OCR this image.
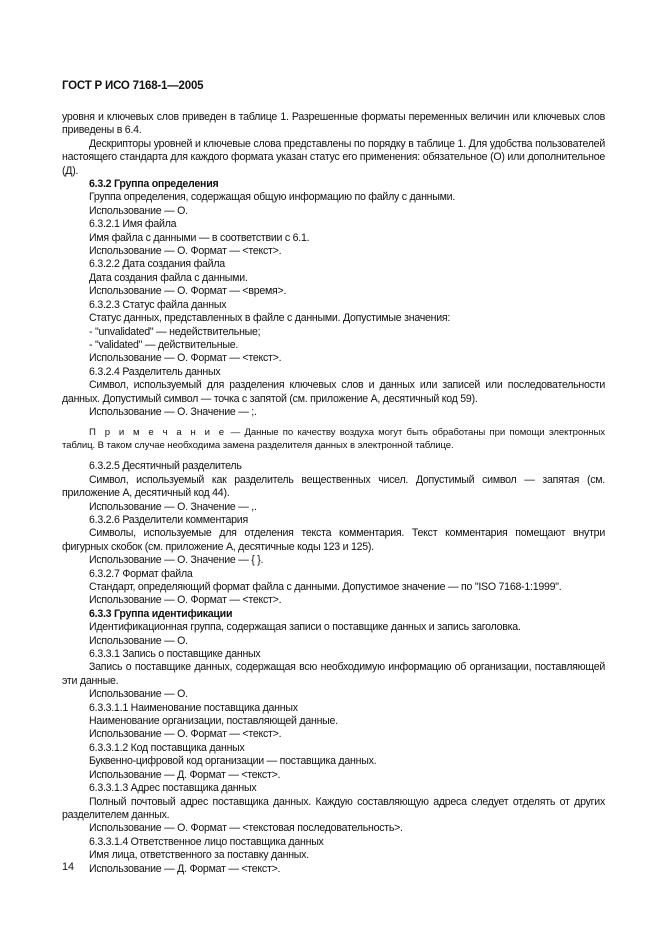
ГОСТ Р ИСО 7168-1—2005

уровня и ключевых слов приведен в таблице 1. Разрешенные форматы переменных величин или ключевых слов приведены в 6.4.

Дескрипторы уровней и ключевые слова представлены по порядку в таблице 1. Для удобства пользователей настоящего стандарта для каждого формата указан статус его применения: обязательное (О) или дополнительное (Д).

6.3.2 Группа определения

Группа определения, содержащая общую информацию по файлу с данными.

Использование — О.

6.3.2.1 Имя файла

Имя файла с данными — в соответствии с 6.1.

Использование — О. Формат — <текст>.

6.3.2.2 Дата создания файла

Дата создания файла с данными.

Использование — О. Формат — <время>.

6.3.2.3 Статус файла данных

Статус данных, представленных в файле с данными. Допустимые значения:

- "unvalidated" — недействительные;

- "validated" — действительные.

Использование — О. Формат — <текст>.

6.3.2.4 Разделитель данных

Символ, используемый для разделения ключевых слов и данных или записей или последовательности данных. Допустимый символ — точка с запятой (см. приложение А, десятичный код 59).

Использование — О. Значение — ;.

П р и м е ч а н и е — Данные по качеству воздуха могут быть обработаны при помощи электронных таблиц. В таком случае необходима замена разделителя данных в электронной таблице.

6.3.2.5 Десятичный разделитель

Символ, используемый как разделитель вещественных чисел. Допустимый символ — запятая (см. приложение А, десятичный код 44).

Использование — О. Значение — ,.

6.3.2.6 Разделители комментария

Символы, используемые для отделения текста комментария. Текст комментария помещают внутри фигурных скобок (см. приложение А, десятичные коды 123 и 125).

Использование — О. Значение — { }.

6.3.2.7 Формат файла

Стандарт, определяющий формат файла с данными. Допустимое значение — по "ISO 7168-1:1999".

Использование — О. Формат — <текст>.

6.3.3 Группа идентификации

Идентификационная группа, содержащая записи о поставщике данных и запись заголовка.

Использование — О.

6.3.3.1 Запись о поставщике данных

Запись о поставщике данных, содержащая всю необходимую информацию об организации, поставляющей эти данные.

Использование — О.

6.3.3.1.1 Наименование поставщика данных

Наименование организации, поставляющей данные.

Использование — О. Формат — <текст>.

6.3.3.1.2 Код поставщика данных

Буквенно-цифровой код организации — поставщика данных.

Использование — Д. Формат — <текст>.

6.3.3.1.3 Адрес поставщика данных

Полный почтовый адрес поставщика данных. Каждую составляющую адреса следует отделять от других разделителем данных.

Использование — О. Формат — <текстовая последовательность>.

6.3.3.1.4 Ответственное лицо поставщика данных

Имя лица, ответственного за поставку данных.

Использование — Д. Формат — <текст>.

14
